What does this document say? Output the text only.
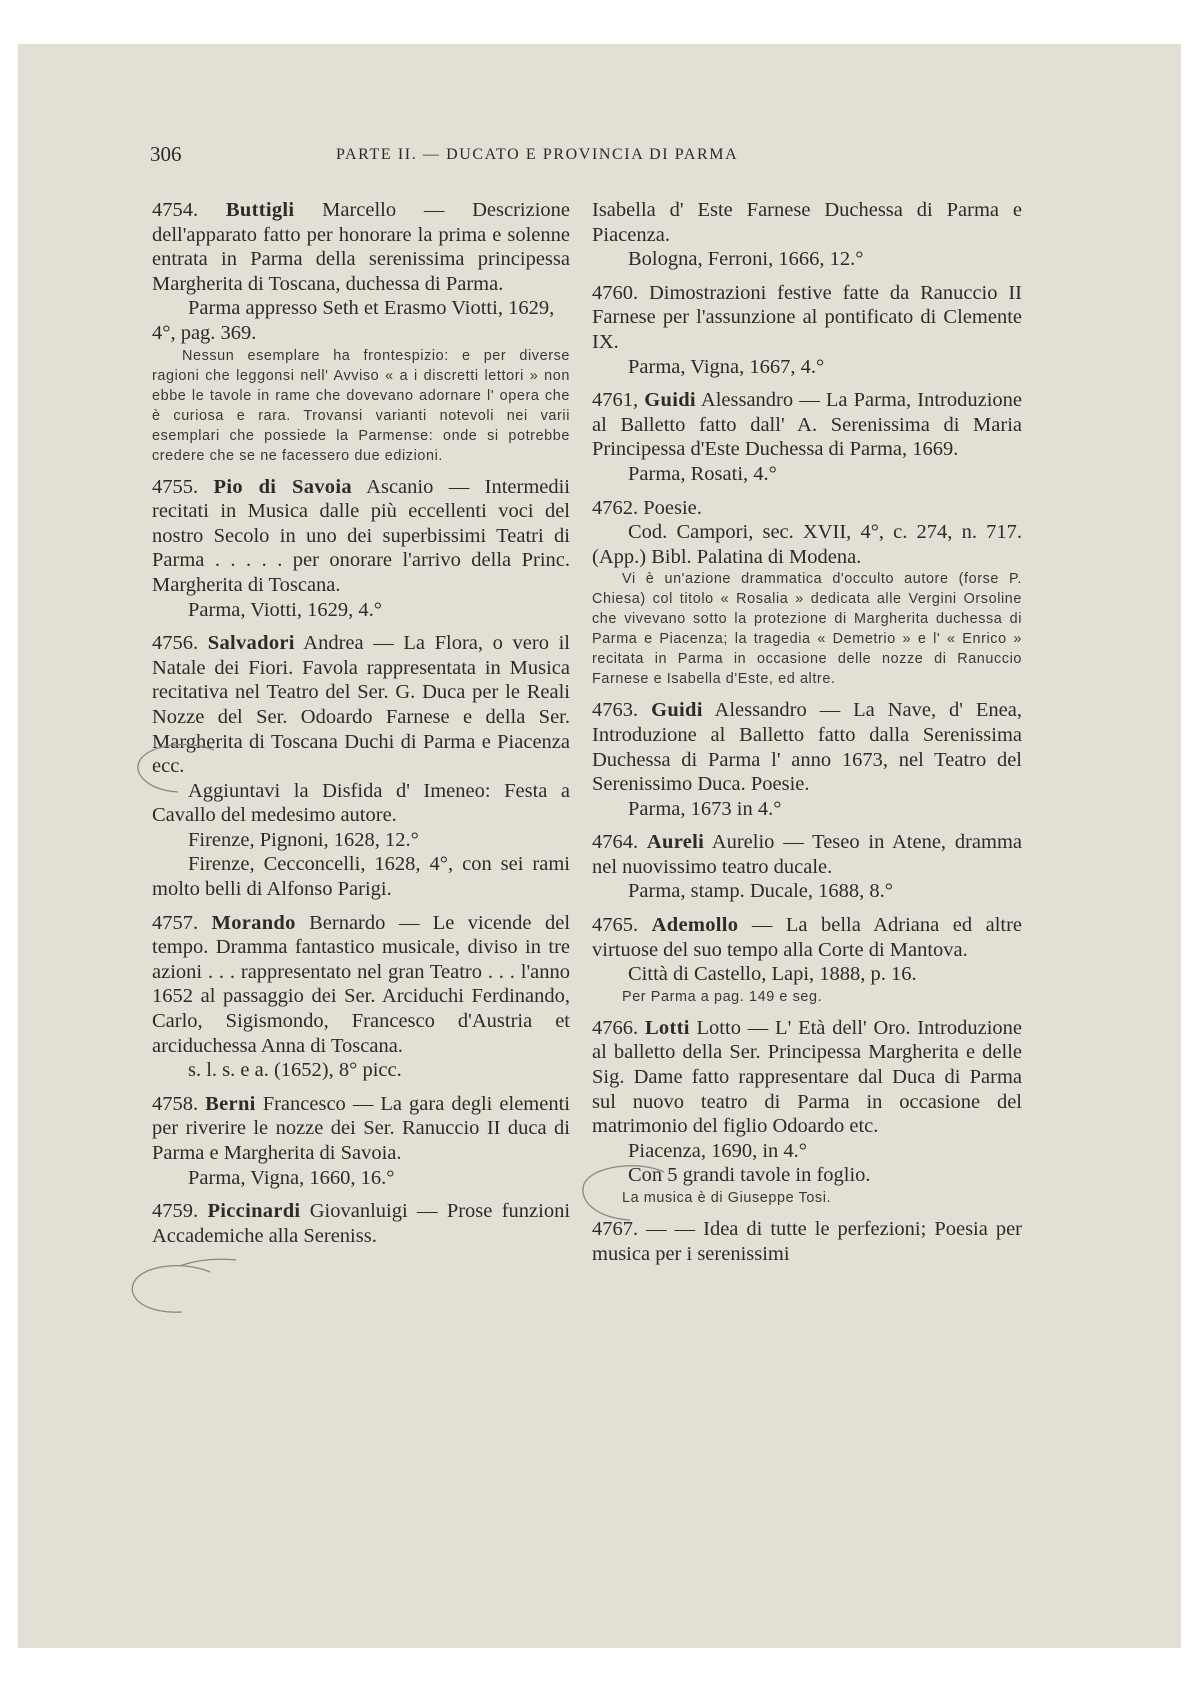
306	PARTE II. — DUCATO E PROVINCIA DI PARMA
4754. Buttigli Marcello — Descrizione dell'apparato fatto per honorare la prima e solenne entrata in Parma della serenissima principessa Margherita di Toscana, duchessa di Parma.
Parma appresso Seth et Erasmo Viotti, 1629, 4°, pag. 369.
Nessun esemplare ha frontespizio: e per diverse ragioni che leggonsi nell' Avviso « a i discretti lettori » non ebbe le tavole in rame che dovevano adornare l' opera che è curiosa e rara. Trovansi varianti notevoli nei varii esemplari che possiede la Parmense: onde si potrebbe credere che se ne facessero due edizioni.
4755. Pio di Savoia Ascanio — Intermedii recitati in Musica dalle più eccellenti voci del nostro Secolo in uno dei superbissimi Teatri di Parma . . . . . per onorare l'arrivo della Princ. Margherita di Toscana.
Parma, Viotti, 1629, 4.°
4756. Salvadori Andrea — La Flora, o vero il Natale dei Fiori. Favola rappresentata in Musica recitativa nel Teatro del Ser. G. Duca per le Reali Nozze del Ser. Odoardo Farnese e della Ser. Margherita di Toscana Duchi di Parma e Piacenza ecc.
Aggiuntavi la Disfida d' Imeneo: Festa a Cavallo del medesimo autore.
Firenze, Pignoni, 1628, 12.°
Firenze, Cecconcelli, 1628, 4°, con sei rami molto belli di Alfonso Parigi.
4757. Morando Bernardo — Le vicende del tempo. Dramma fantastico musicale, diviso in tre azioni . . . rappresentato nel gran Teatro . . . l'anno 1652 al passaggio dei Ser. Arciduchi Ferdinando, Carlo, Sigismondo, Francesco d'Austria et arciduchessa Anna di Toscana.
s. l. s. e a. (1652), 8° picc.
4758. Berni Francesco — La gara degli elementi per riverire le nozze dei Ser. Ranuccio II duca di Parma e Margherita di Savoia.
Parma, Vigna, 1660, 16.°
4759. Piccinardi Giovanluigi — Prose funzioni Accademiche alla Sereniss.
Isabella d' Este Farnese Duchessa di Parma e Piacenza.
Bologna, Ferroni, 1666, 12.°
4760. Dimostrazioni festive fatte da Ranuccio II Farnese per l'assunzione al pontificato di Clemente IX.
Parma, Vigna, 1667, 4.°
4761, Guidi Alessandro — La Parma, Introduzione al Balletto fatto dall' A. Serenissima di Maria Principessa d'Este Duchessa di Parma, 1669.
Parma, Rosati, 4.°
4762. Poesie.
Cod. Campori, sec. XVII, 4°, c. 274, n. 717. (App.) Bibl. Palatina di Modena.
Vi è un'azione drammatica d'occulto autore (forse P. Chiesa) col titolo « Rosalia » dedicata alle Vergini Orsoline che vivevano sotto la protezione di Margherita duchessa di Parma e Piacenza; la tragedia « Demetrio » e l' « Enrico » recitata in Parma in occasione delle nozze di Ranuccio Farnese e Isabella d'Este, ed altre.
4763. Guidi Alessandro — La Nave, d' Enea, Introduzione al Balletto fatto dalla Serenissima Duchessa di Parma l' anno 1673, nel Teatro del Serenissimo Duca. Poesie.
Parma, 1673 in 4.°
4764. Aureli Aurelio — Teseo in Atene, dramma nel nuovissimo teatro ducale.
Parma, stamp. Ducale, 1688, 8.°
4765. Ademollo — La bella Adriana ed altre virtuose del suo tempo alla Corte di Mantova.
Città di Castello, Lapi, 1888, p. 16.
Per Parma a pag. 149 e seg.
4766. Lotti Lotto — L' Età dell' Oro. Introduzione al balletto della Ser. Principessa Margherita e delle Sig. Dame fatto rappresentare dal Duca di Parma sul nuovo teatro di Parma in occasione del matrimonio del figlio Odoardo etc.
Piacenza, 1690, in 4.°
Con 5 grandi tavole in foglio.
La musica è di Giuseppe Tosi.
4767. — — Idea di tutte le perfezioni; Poesia per musica per i serenissimi
